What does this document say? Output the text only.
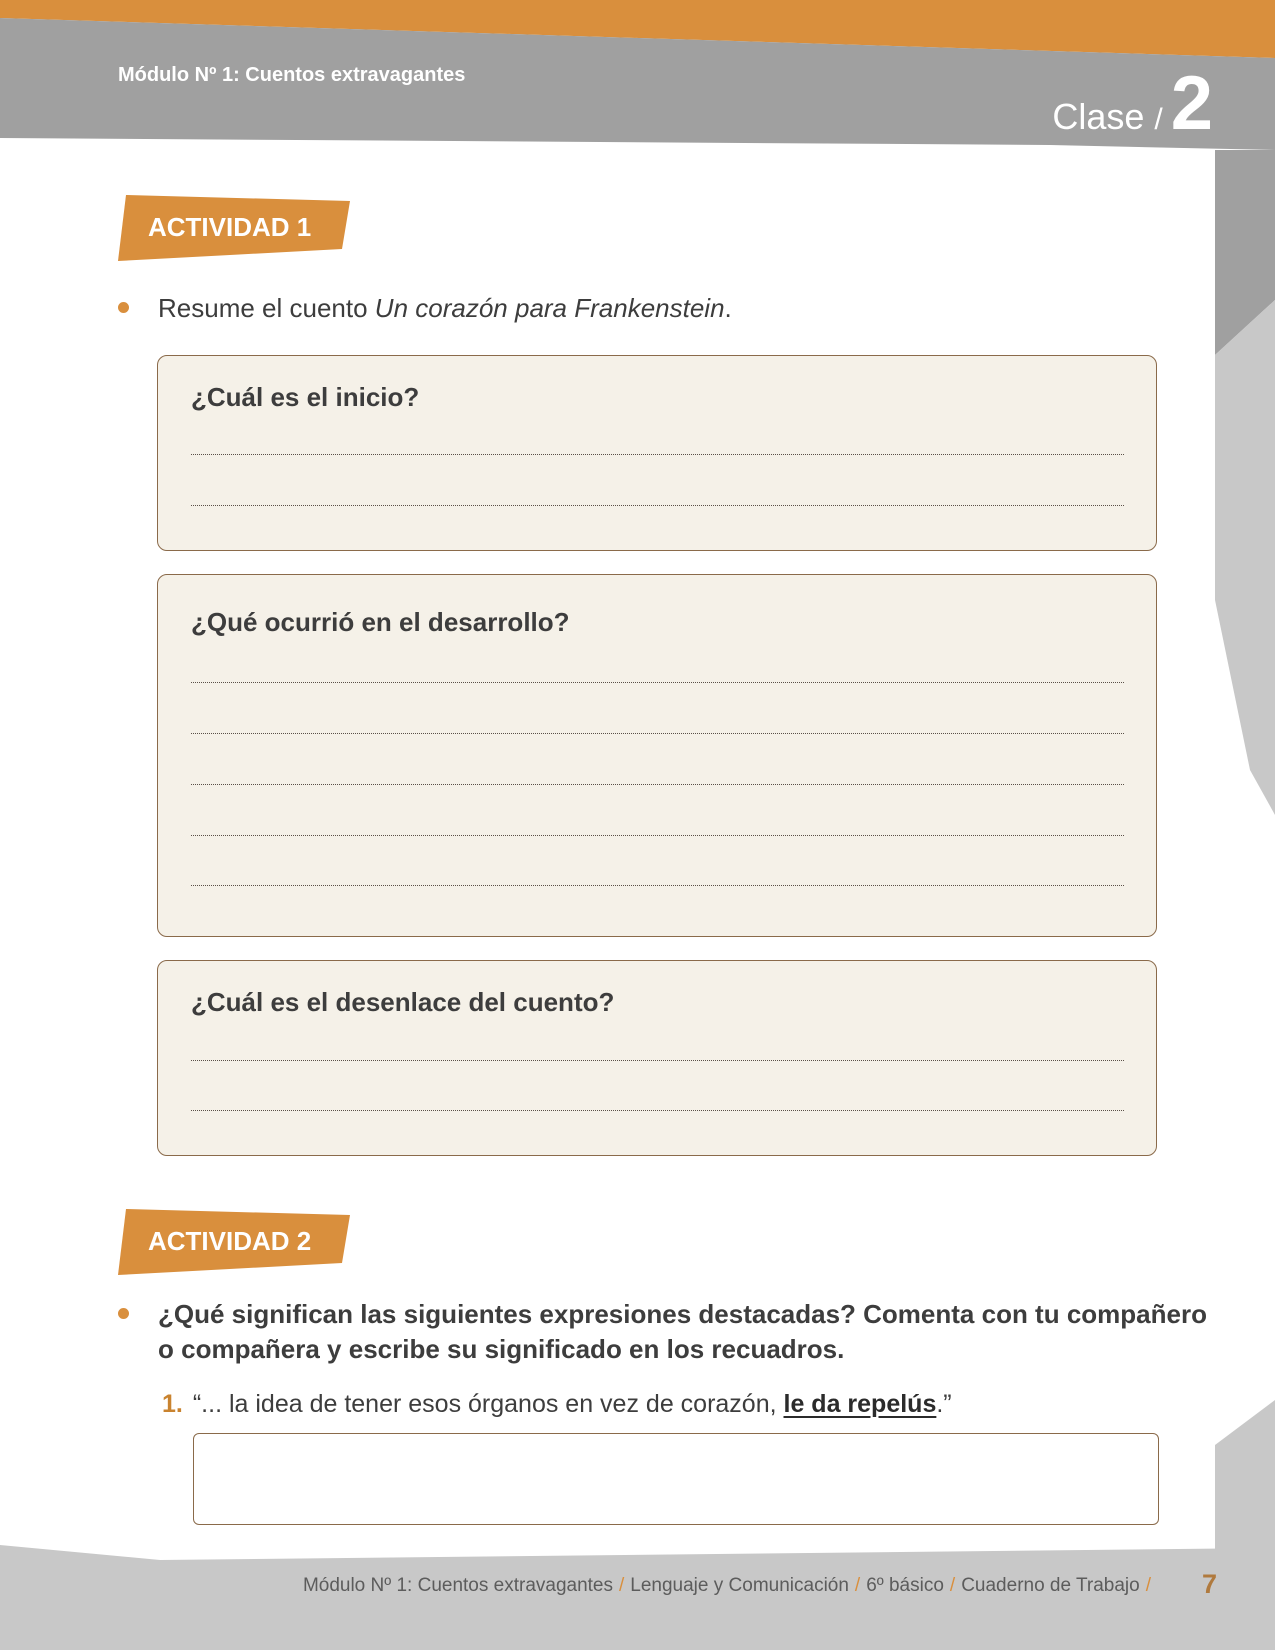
Módulo Nº 1: Cuentos extravagantes
Clase / 2
ACTIVIDAD 1
Resume el cuento Un corazón para Frankenstein.
¿Cuál es el inicio?
¿Qué ocurrió en el desarrollo?
¿Cuál es el desenlace del cuento?
ACTIVIDAD 2
¿Qué significan las siguientes expresiones destacadas? Comenta con tu compañero
o compañera y escribe su significado en los recuadros.
1. “... la idea de tener esos órganos en vez de corazón, le da repelús.”
Módulo Nº 1: Cuentos extravagantes / Lenguaje y Comunicación / 6º básico / Cuaderno de Trabajo / 7
